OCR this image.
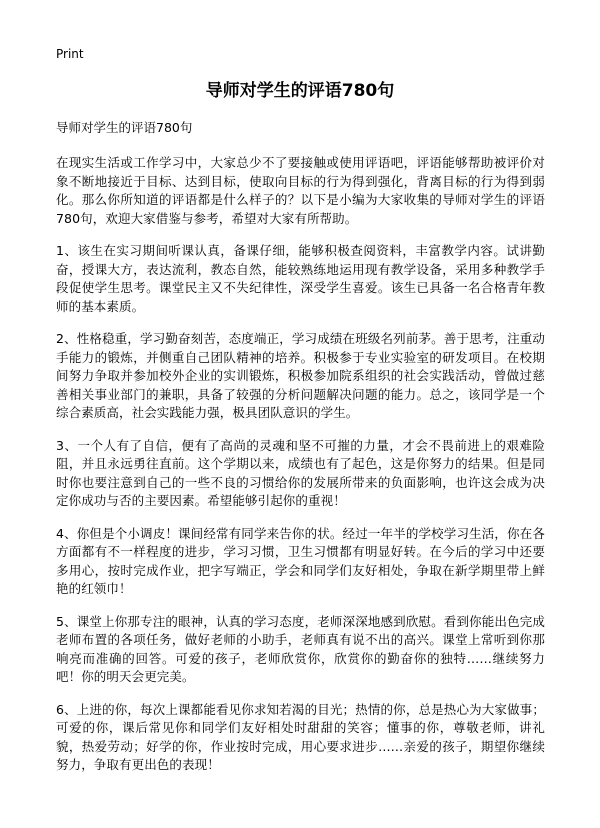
Print
导师对学生的评语780句

导师对学生的评语780句

在现实生活或工作学习中，大家总少不了要接触或使用评语吧，评语能够帮助被评价对象不断地接近于目标、达到目标，使取向目标的行为得到强化，背离目标的行为得到弱化。那么你所知道的评语都是什么样子的？以下是小编为大家收集的导师对学生的评语780句，欢迎大家借鉴与参考，希望对大家有所帮助。

1、该生在实习期间听课认真，备课仔细，能够积极查阅资料，丰富教学内容。试讲勤奋，授课大方，表达流利，教态自然，能较熟练地运用现有教学设备，采用多种教学手段促使学生思考。课堂民主又不失纪律性，深受学生喜爱。该生已具备一名合格青年教师的基本素质。

2、性格稳重，学习勤奋刻苦，态度端正，学习成绩在班级名列前茅。善于思考，注重动手能力的锻炼，并侧重自己团队精神的培养。积极参于专业实验室的研发项目。在校期间努力争取并参加校外企业的实训锻炼，积极参加院系组织的社会实践活动，曾做过慈善相关事业部门的兼职，具备了较强的分析问题解决问题的能力。总之，该同学是一个综合素质高，社会实践能力强，极具团队意识的学生。

3、一个人有了自信，便有了高尚的灵魂和坚不可摧的力量，才会不畏前进上的艰难险阻，并且永远勇往直前。这个学期以来，成绩也有了起色，这是你努力的结果。但是同时你也要注意到自己的一些不良的习惯给你的发展所带来的负面影响，也许这会成为决定你成功与否的主要因素。希望能够引起你的重视！

4、你但是个小调皮！课间经常有同学来告你的状。经过一年半的学校学习生活，你在各方面都有不一样程度的进步，学习习惯，卫生习惯都有明显好转。在今后的学习中还要多用心，按时完成作业，把字写端正，学会和同学们友好相处，争取在新学期里带上鲜艳的红领巾！

5、课堂上你那专注的眼神，认真的学习态度，老师深深地感到欣慰。看到你能出色完成老师布置的各项任务，做好老师的小助手，老师真有说不出的高兴。课堂上常听到你那响亮而准确的回答。可爱的孩子，老师欣赏你，欣赏你的勤奋你的独特……继续努力吧！你的明天会更完美。

6、上进的你，每次上课都能看见你求知若渴的目光；热情的你，总是热心为大家做事；可爱的你，课后常见你和同学们友好相处时甜甜的笑容；懂事的你，尊敬老师，讲礼貌，热爱劳动；好学的你，作业按时完成，用心要求进步……亲爱的孩子，期望你继续努力，争取有更出色的表现！
